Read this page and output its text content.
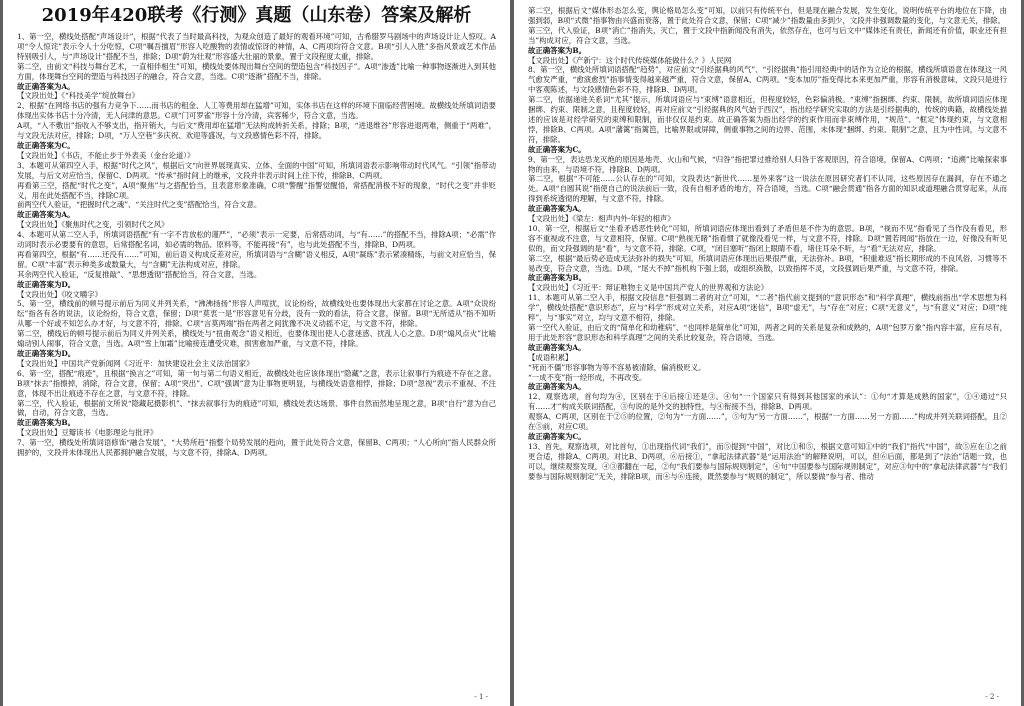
2019年420联考《行测》真题（山东卷）答案及解析

1、第一空，横线处搭配“声场设计”，根据“代表了当时最高科技，为观众创造了最好的观看环境”可知，古希腊罗马剧场中的声场设计让人惊叹。A项“令人惊诧”表示令人十分吃惊，C项“嘱吾擅眉”形容人吃酸物的表情或惊讶的神情，A、C两项均符合文意。B项“引人入胜”多指风景或艺术作品特别吸引人，与“声场设计”搭配不当，排除；D项“蔚为壮观”形容盛大壮丽的景象，置于文段程度太重，排除。

第二空，由前文“科技与舞台艺术，一直相伴相生”可知，横线处要体现出舞台空间的塑造包含“科技因子”。A项“渗透”比喻一种事物逐渐进入到其他方面，体现舞台空间的塑造与科技因子的融合，符合文意，当选。C项“逐渐”搭配不当，排除。

故正确答案为A。

【文段出处】《“科技美学”绽放舞台》

2、根据“在网络书店的强有力竞争下……而书店的租金、人工等费用却在猛增”可知，实体书店在这样的环境下面临经营困境。故横线处所填词语要体现出实体书店十分冷清，无人问津的意思。C项“门可罗雀”形容十分冷清，宾客稀少，符合文意，当选。

A项，“入不敷出”指收入不够支出，指开销大，与后文“费用却在猛增”无法构成转折关系，排除；B项，“进退维谷”形容进退两难，侧重于“两难”，与文段无法对应，排除；D项，“万人空巷”多庆祝、欢迎等盛况，与文段感情色彩不符，排除。

故正确答案为C。

【文段出处】《书店，不能止步于外表美（金台论道）》

3、本题可从第四空入手，根据“时代之风”，根据后文“向世界展现真实、立体、全面的中国”可知，所填词语表示影响带动时代风气。“引领”指带动发展，与后文对应恰当，保留C、D两项。“传承”指时间上的继承，文段并非表示时间上往下传，排除B、C两项。

再看第三空，搭配“时代之变”，A项“聚焦”与之搭配恰当，且表意形象准确，C项“警醒”指警觉醒悟，常搭配消极不好的现象，“时代之变”并非贬义，用在此处搭配不当，排除C项。

前两空代入验证，“把握时代之魂”、“关注时代之变”搭配恰当，符合文意。

故正确答案为A。

【文段出处】《聚焦时代之变，引领时代之风》

4、本题可从第二空入手，所填词语搭配“有一字不肯放松的谨严”，“必须”表示一定要，后常搭动词，与“有……”的搭配不当，排除A项；“必需”作动词时表示必要要有的意思，后常搭配名词，如必需的物品、原料等，不能再接“有”，也与此处搭配不当，排除B、D两项。

再看第四空，根据“有……还没有……”可知，前后语义构成反差对应，所填词语与“含糊”语义相反，A项“凝练”表示紧凑精练，与前文对应恰当，保留。C项“丰富”表示种类多或数量大，与“含糊”无法构成对应，排除。

其余两空代入验证，“反复推敲”、“思想透彻”搭配恰当，符合文意，当选。

故正确答案为D。

【文段出处】《咬文嚼字》

5、第一空，横线前的顿号提示前后为同义并列关系，“沸沸扬扬”形容人声喧扰，议论纷纷，故横线处也要体现出大家都在讨论之意。A项“众说纷纭”指各有各的说法，议论纷纷，符合文意，保留；D项“莫衷一是”形容意见有分歧，没有一致的看法，符合文意，保留。B项“无所适从”指不知听从哪一个好或不知怎么办才好，与文意不符，排除。C项“言莫两端”指在两者之间犹豫不决义动摇不定，与文意不符，排除。

第二空，横线后的顿号提示前后为同义并列关系，横线处与“扭曲观念”语义相近，也要体现出使人心意迷惑、扰乱人心之意。D项“煽风点火”比喻煽动别人闹事，符合文意，当选。A项“雪上加霜”比喻接连遭受灾难，损害愈加严重，与文意不符，排除。

故正确答案为D。

【文段出处】中国共产党新闻网《习近平：加快建设社会主义法治国家》

6、第一空，搭配“痕迹”，且根据“换言之”可知，第一句与第二句语义相近，故横线处也应该体现出“隐藏”之意，表示让叙事行为痕迹不存在之意。B项“抹去”指擦掉，消除，符合文意，保留；A项“突出”、C项“强调”意为让事物更明显，与横线处语意相悖，排除；D项“忽视”表示不重视、不注意，体现不出让痕迹不存在之意，与文意不符，排除。

第二空，代入验证，根据前文所说“隐藏起摄影机”、“抹去叙事行为的痕迹”可知，横线处表达场景、事件自然而然地呈现之意，B项“自行”意为自己做，自动，符合文意，当选。

故正确答案为B。

【文段出处】豆瓣读书《电影理论与批评》

7、第一空，横线处所填词语修饰“融合发展”，“大势所趋”指整个局势发展的趋向，置于此处符合文意，保留B、C两项；“人心所向”指人民群众所拥护的，文段并未体现出人民都拥护融合发展，与文意不符，排除A、D两项。

- 1 -

第二空，根据后文“媒体形态怎么变，舆论格局怎么变”可知，以前只有传统平台，但是现在融合发展，发生变化，说明传统平台的地位在下降，由强到弱，B项“式微”指事物由兴盛而衰落，置于此处符合文意，保留；C项“减少”指数量由多到少，文段并非强调数量的变化，与文意无关，排除。

第三空，代入验证，B项“消亡”指消失，灭亡，置于文段中指新闻没有消失，依然存在，也可与后文中“媒体还有责任，新闻还有价值，职业还有担当”构成对应，符合文意，当选。

故正确答案为B。

【文段出处】《产新宁：这个时代传统媒体能做什么？》人民网

8、第一空，横线处所填词语搭配“趋势”，对应前文“引经据典的风气”、“引经据典”指引用经典中的话作为立论的根据，横线所填语意在体现这一风气愈发严重，“愈演愈烈”指事情变得越来越严重，符合文意，保留A、C两项。“变本加厉”指变得比本来更加严重，形容有消极意味，文段只是进行中客观陈述，与文段感情色彩不符，排除B、D两项。

第二空，依据递进关系词“尤其”提示，所填词语应与“束缚”语意相近，但程度较轻，色彩偏消极。“束缚”指捆绑、约束、限制，故所填词语应体现捆绑、约束、限制之意，且程度较轻，再对应前文“引经据典的风气始于西汉”，指出经学研究实取的方法是引经据典的，传统的典籍，故横线处描述的应该是对经学研究的束缚和限制，而非仅仅是约束。故正确答案为指出经学的约束作用而非束缚作用，“规范”、“框定”体现约束，与文意相悖，排除B、C两项。A项“藩篱”指篱笆，比喻界限或屏障，侧重事物之间的边界、范围，未体现“捆绑、约束、限制”之意，且为中性词，与文意不符，排除。

故正确答案为C。

9、第一空，表达恐龙灭绝的原因是地壳、火山和气候，“归咎”指把罪过推给别人归咎于客观原因，符合语境，保留A、C两项；“追溯”比喻探索事物的由来，与语境不符，排除B、D两项。

第二空，根据“不可能……公认存在的”可知，文段表达“新世代……星外来客”这一说法在原因研究者们不认同，这些原因存在漏洞，存在不通之处。A项“自圆其说”指使自己的说法前后一致，没有自相矛盾的地方，符合语境，当选。C项“融会贯通”指各方面的知识或道理融合贯穿起来，从而得到系统透彻的理解，与文意不符，排除。

故正确答案为A。

【文段出处】《梁左：相声内外-年轻的相声》

10、第一空，根据后文“坐看矛盾恶性转化”可知，所填词语应体现出看到了矛盾但是不作为的意思。B项，“视而不见”指看见了当作没有看见，形容不重视或不注意，与文意相符，保留。C项“熟视无睹”指看惯了就像没看见一样，与文意不符，排除。D项“置若罔闻”指放在一边，好像没有听见似的，而文段强调的是“看”，与文意不符，排除。C项，“闭目塞听”指闭上眼睛不看，堵住耳朵不听，与“看”无法对应，排除。

第二空，根据“最后势必造成无法弥补的损失”可知，所填词语应体现出后果很严重，无法弥补。B项，“积重难返”指长期形成的不良风俗、习惯等不易改变，符合文意，当选。D项，“尾大不掉”指机构下强上弱，或组织涣散，以致指挥不灵，文段强调后果严重，与文意不符，排除。

故正确答案为B。

【文段出处】《习近平：辩证唯物主义是中国共产党人的世界观和方法论》

11、本题可从第二空入手，根据文段信息“但强调二者的对立”可知，“二者”指代前文提到的“意识形态”和“科学真理”，横线前指出“学术思想为科学”，横线处搭配“意识形态”，应与“科学”形成对立关系，对应A项“迷信”，B项“虚无”，与“存在”对应；C项“无意义”，与“有意义”对应；D项“纯粹”，与“事实”对立，均与文意不相符，排除。

第一空代入验证，由后文的“简单化和幼稚病”、“也同样是简单化”可知，两者之间的关系是复杂和成熟的，A项“包罗万象”指内容丰富，应有尽有，用于此处形容“意识形态和科学真理”之间的关系比较复杂，符合语境，当选。

故正确答案为A。

【成语积累】

“死而不僵”形容事物为等不容易被清除，偏消极贬义。

“一成不变”指一经形成，不再改变。

故正确答案为A。

12、观察选项，首句均为④，区别在于④后接①还是③。④句“一个国家只有得到其他国家的承认”：①句“才算是成熟的国家”，①④通过“只有……才”构成关联词搭配，③句说的是外交的独特性，与④衔接不当，排除B、D两项。

观察A、C两项，区别在于②⑤的位置，②句为“一方面……”，⑤句为“另一方面……”，根据“一方面……另一方面……”构成并列关联词搭配，且②在⑤前，对应C项。

故正确答案为C。

13、首先，观察选项，对比首句，①出现指代词“我们”，而⑤提到“中国”，对比①和⑤，根据文意可知①中的“我们”指代“中国”，故⑤应在①之前更合适，排除A、C两项。对比B、D两项，⑥后接①，“拿起法律武器”是“运用法治”的解释说明，可以，但⑥后面，都是到了“法治”话题一致，也可以，继续观察发现，④③都翻在一起，②句“我们要参与国际规则制定”，④句“中国要参与国际规则制定”，对应③句中的“拿起法律武器”与“我们要参与国际规则制定”无关，排除B项，而④与⑥连接，既然要参与“规则的制定”，所以要做“参与者、推动

- 2 -
